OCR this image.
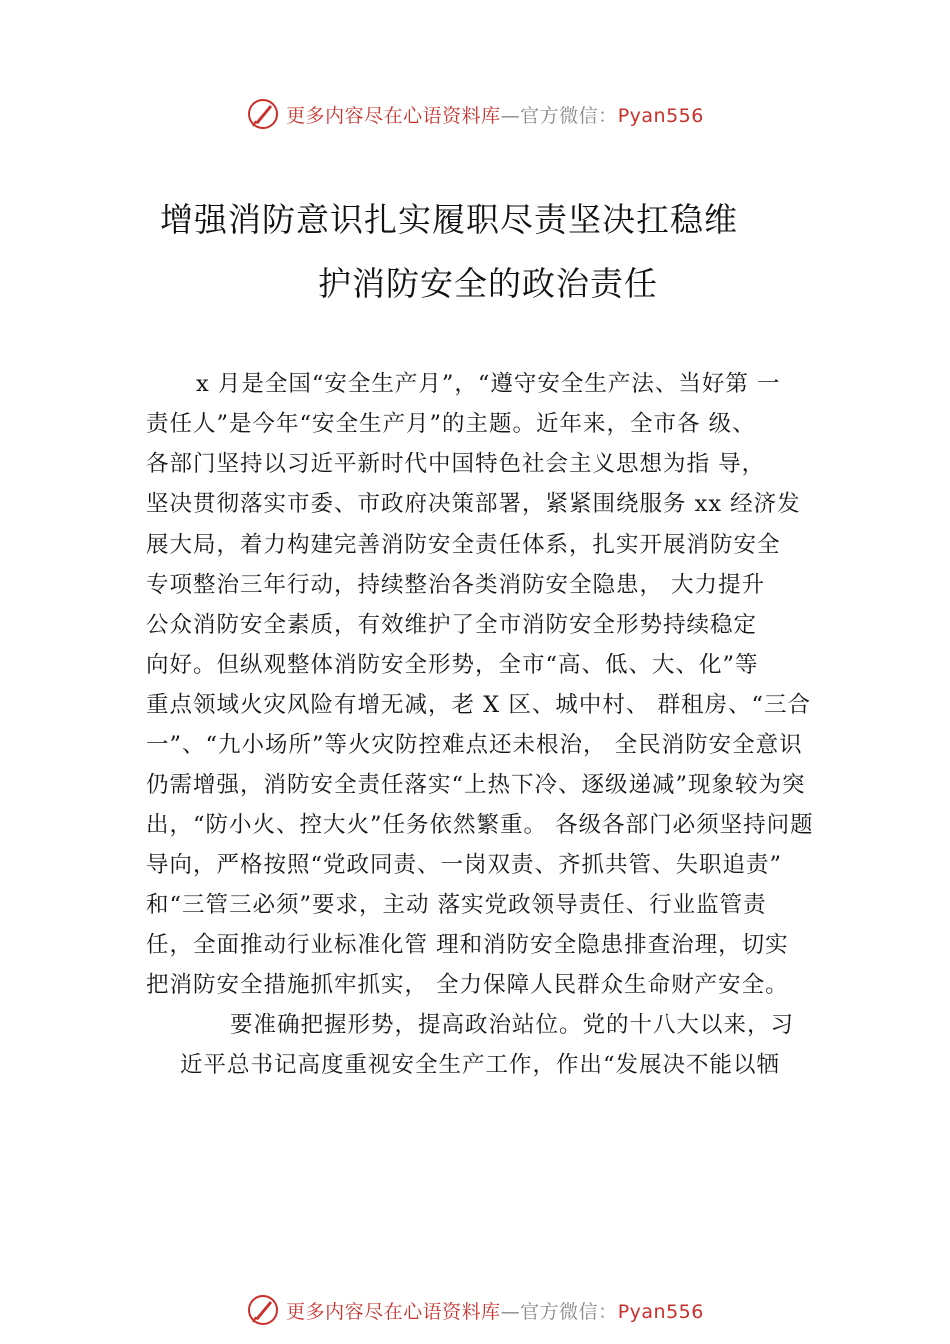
更多内容尽在心语资料库—官方微信：Pyan556
增强消防意识扎实履职尽责坚决扛稳维
护消防安全的政治责任
x 月是全国“安全生产月”，“遵守安全生产法、当好第 一
责任人”是今年“安全生产月”的主题。近年来，全市各 级、
各部门坚持以习近平新时代中国特色社会主义思想为指 导，
坚决贯彻落实市委、市政府决策部署，紧紧围绕服务 xx 经济发
展大局，着力构建完善消防安全责任体系，扎实开展消防安全
专项整治三年行动，持续整治各类消防安全隐患， 大力提升
公众消防安全素质，有效维护了全市消防安全形势持续稳定
向好。但纵观整体消防安全形势，全市“高、低、大、化”等
重点领域火灾风险有增无减，老 X 区、城中村、 群租房、“三合
一”、“九小场所”等火灾防控难点还未根治， 全民消防安全意识
仍需增强，消防安全责任落实“上热下冷、逐级递减”现象较为突
出，“防小火、控大火”任务依然繁重。 各级各部门必须坚持问题
导向，严格按照“党政同责、一岗双责、齐抓共管、失职追责”
和“三管三必须”要求，主动 落实党政领导责任、行业监管责
任，全面推动行业标准化管 理和消防安全隐患排查治理，切实
把消防安全措施抓牢抓实， 全力保障人民群众生命财产安全。
要准确把握形势，提高政治站位。党的十八大以来，习
近平总书记高度重视安全生产工作，作出“发展决不能以牺
更多内容尽在心语资料库—官方微信：Pyan556
